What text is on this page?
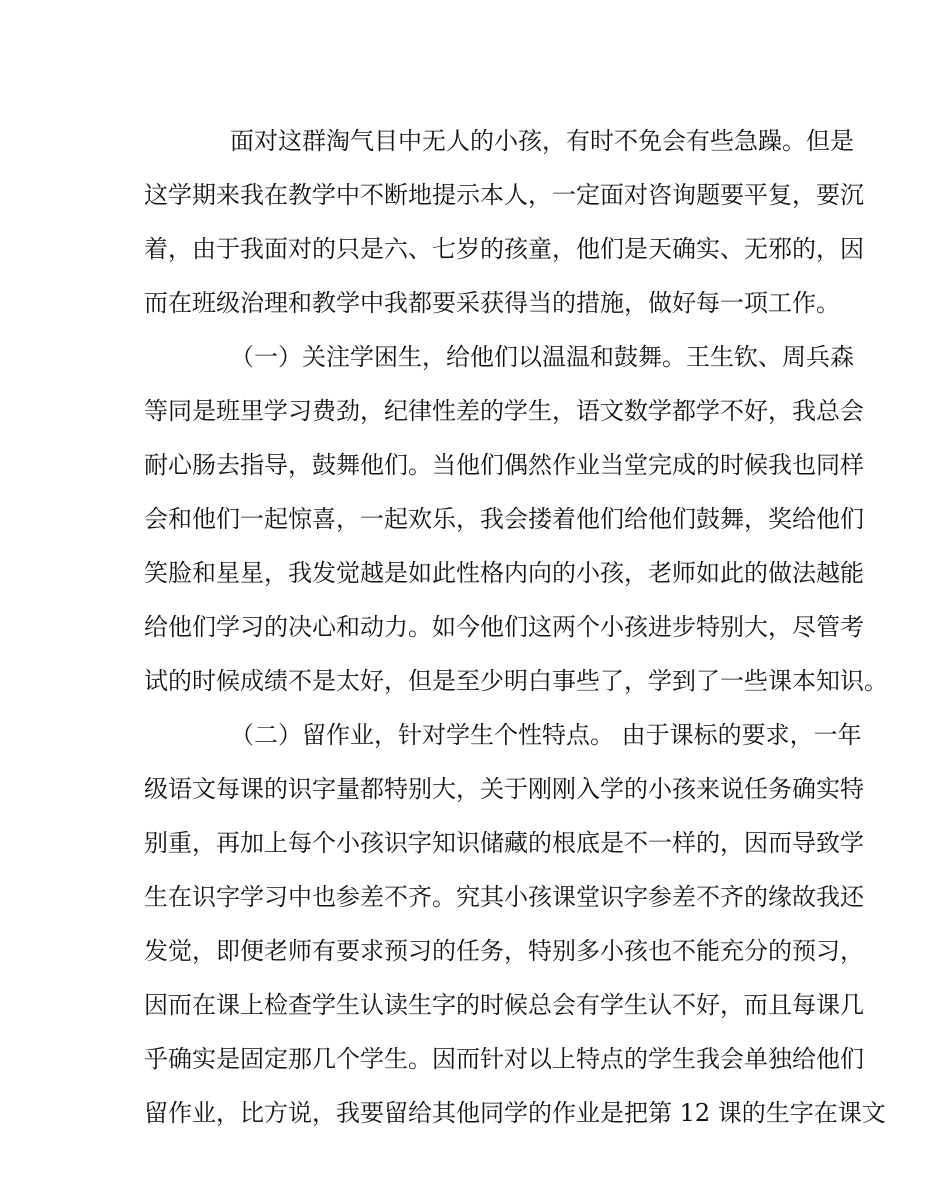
面对这群淘气目中无人的小孩，有时不免会有些急躁。但是
这学期来我在教学中不断地提示本人，一定面对咨询题要平复，要沉
着，由于我面对的只是六、七岁的孩童，他们是天确实、无邪的，因
而在班级治理和教学中我都要采获得当的措施，做好每一项工作。
（一）关注学困生，给他们以温温和鼓舞。王生钦、周兵森
等同是班里学习费劲，纪律性差的学生，语文数学都学不好，我总会
耐心肠去指导，鼓舞他们。当他们偶然作业当堂完成的时候我也同样
会和他们一起惊喜，一起欢乐，我会搂着他们给他们鼓舞，奖给他们
笑脸和星星，我发觉越是如此性格内向的小孩，老师如此的做法越能
给他们学习的决心和动力。如今他们这两个小孩进步特别大，尽管考
试的时候成绩不是太好，但是至少明白事些了，学到了一些课本知识。
（二）留作业，针对学生个性特点。 由于课标的要求，一年
级语文每课的识字量都特别大，关于刚刚入学的小孩来说任务确实特
别重，再加上每个小孩识字知识储藏的根底是不一样的，因而导致学
生在识字学习中也参差不齐。究其小孩课堂识字参差不齐的缘故我还
发觉，即便老师有要求预习的任务，特别多小孩也不能充分的预习，
因而在课上检查学生认读生字的时候总会有学生认不好，而且每课几
乎确实是固定那几个学生。因而针对以上特点的学生我会单独给他们
留作业，比方说，我要留给其他同学的作业是把第 12 课的生字在课文
